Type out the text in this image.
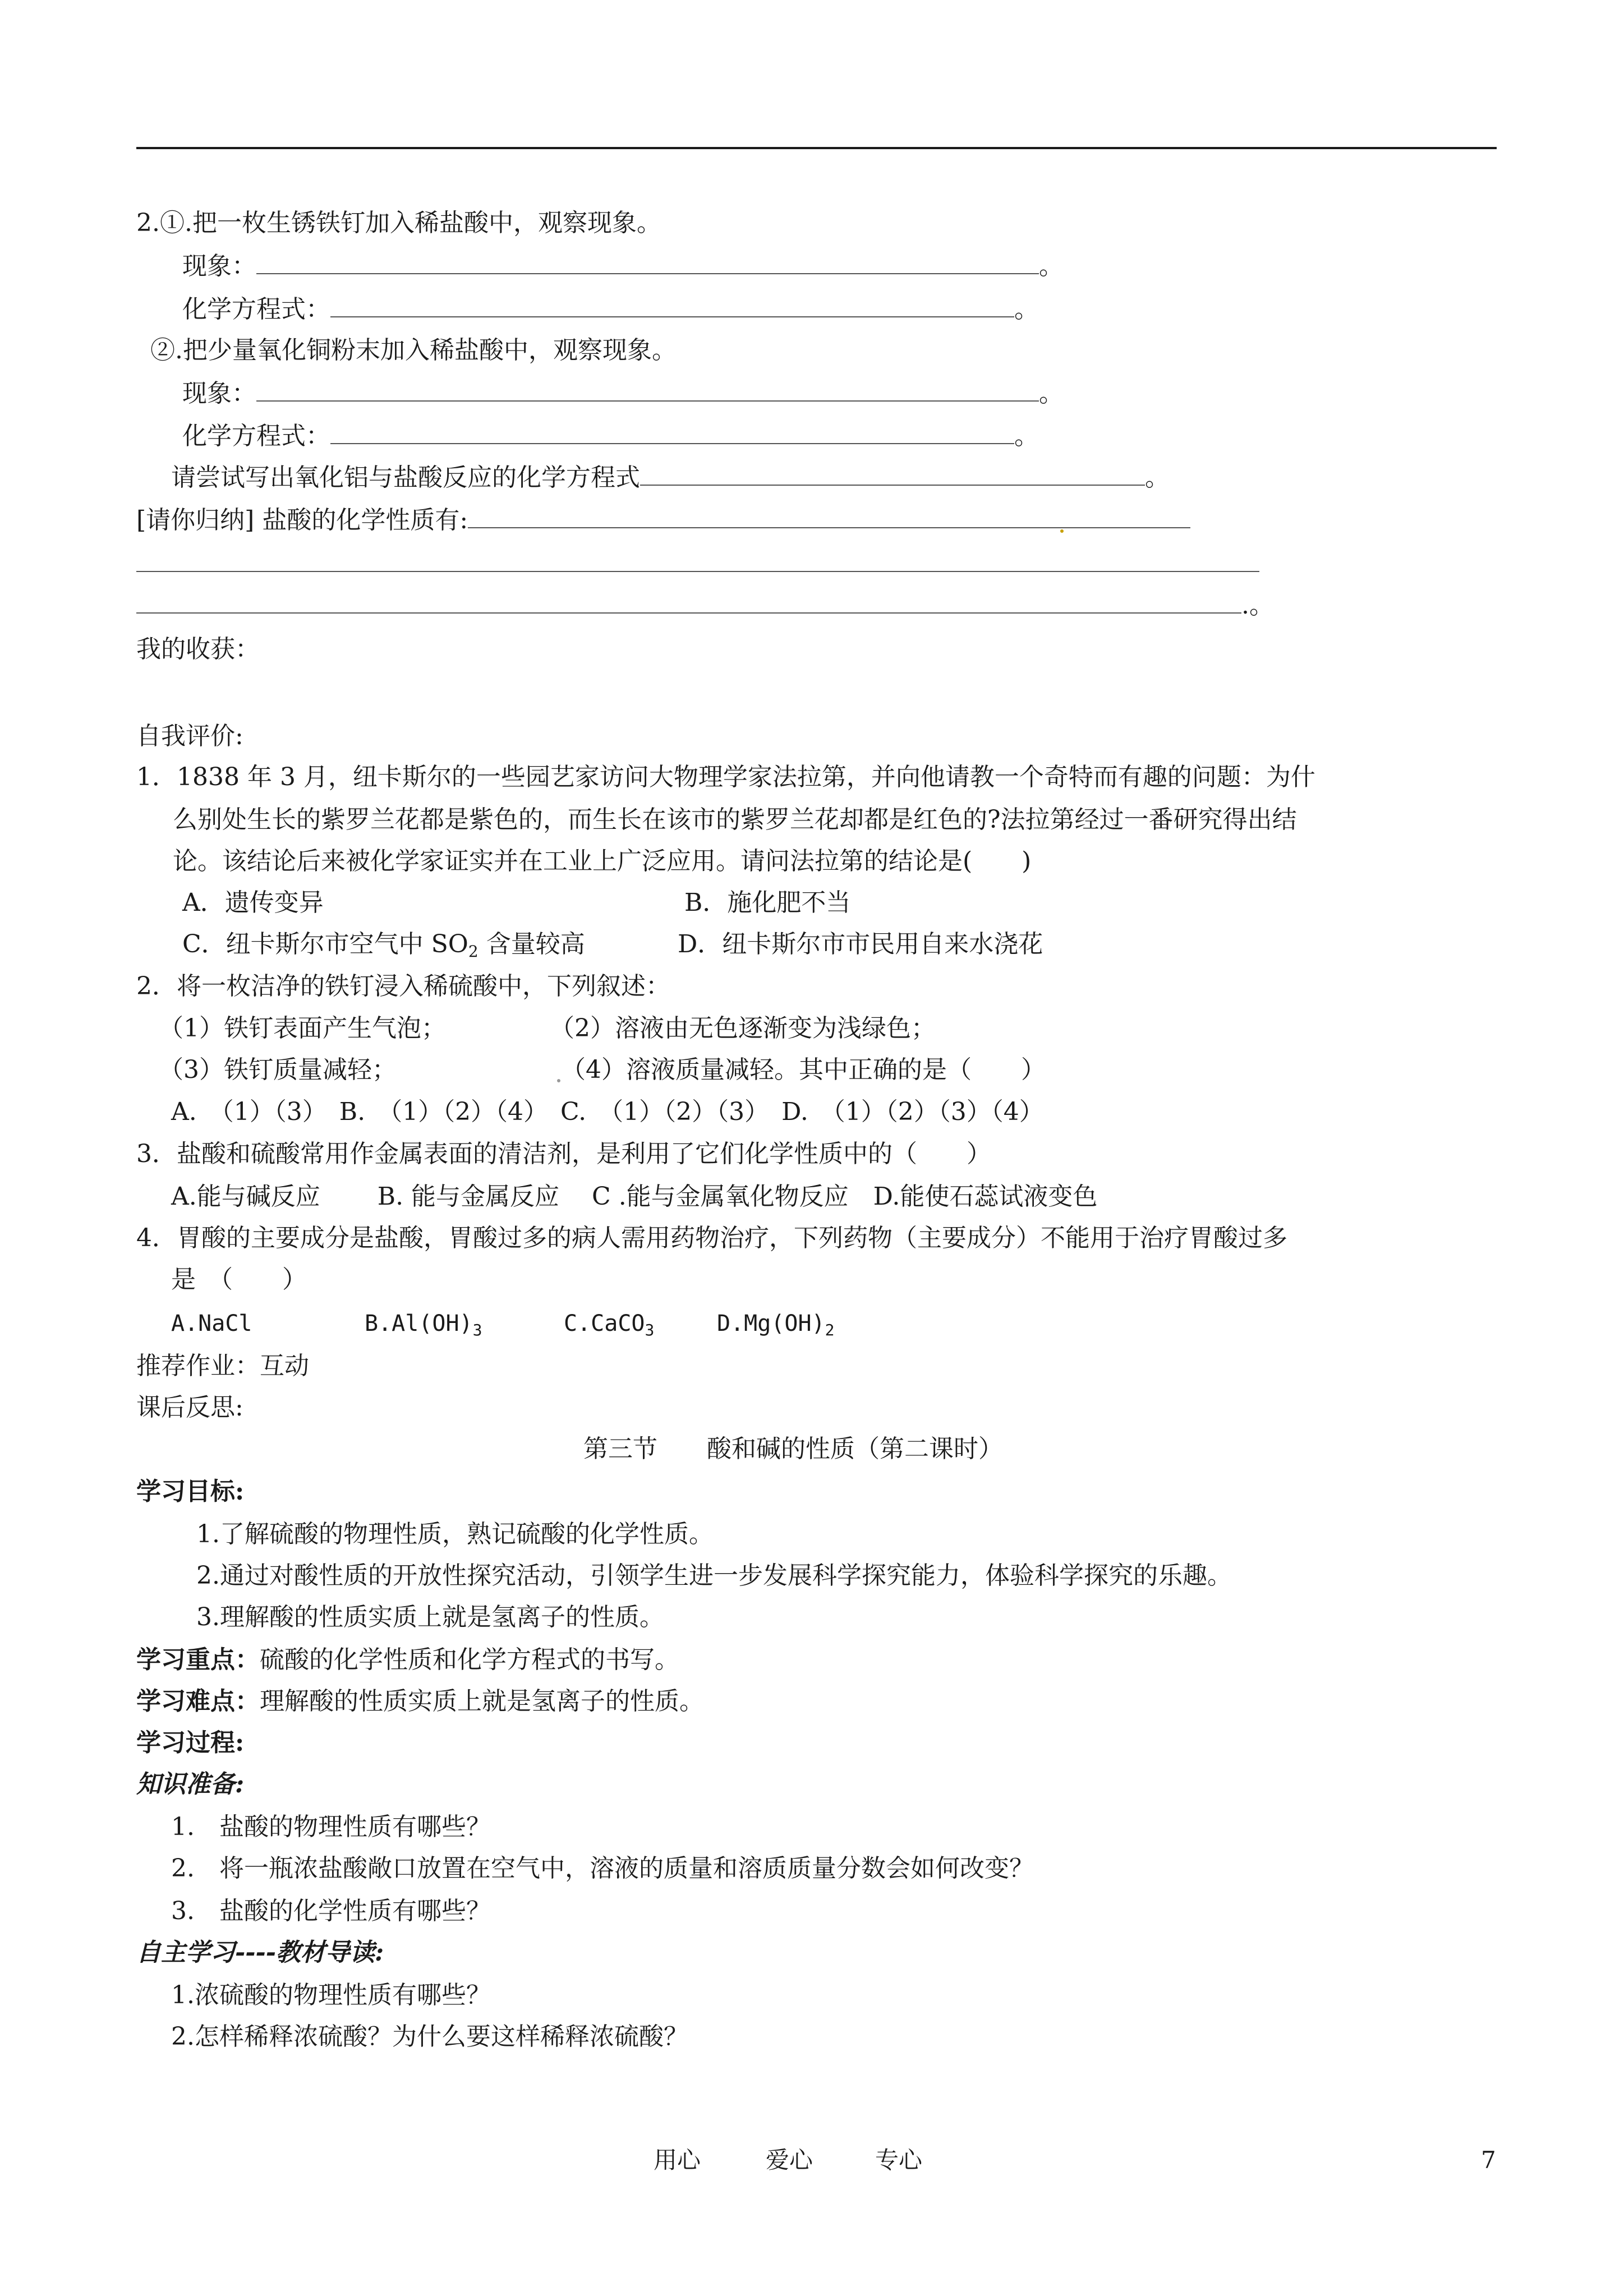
2.①.把一枚生锈铁钉加入稀盐酸中，观察现象。
现象：	。
化学方程式：	。
②.把少量氧化铜粉末加入稀盐酸中，观察现象。
现象：	。
化学方程式：	。
请尝试写出氧化铝与盐酸反应的化学方程式	。
[请你归纳] 盐酸的化学性质有:
.。
我的收获：
自我评价:
1．1838 年 3 月，纽卡斯尔的一些园艺家访问大物理学家法拉第，并向他请教一个奇特而有趣的问题：为什
么别处生长的紫罗兰花都是紫色的，而生长在该市的紫罗兰花却都是红色的?法拉第经过一番研究得出结
论。该结论后来被化学家证实并在工业上广泛应用。请问法拉第的结论是(　　)
A．遗传变异	B．施化肥不当
C．纽卡斯尔市空气中 $SO_2$ 含量较高	D．纽卡斯尔市市民用自来水浇花
2．将一枚洁净的铁钉浸入稀硫酸中，下列叙述：
（1）铁钉表面产生气泡；	（2）溶液由无色逐渐变为浅绿色；
（3）铁钉质量减轻；	（4）溶液质量减轻。其中正确的是（　　）
A.　（1）（3）　B.　（1）（2）（4）　C.　（1）（2）（3）　D.　（1）（2）（3）（4）
3．盐酸和硫酸常用作金属表面的清洁剂，是利用了它们化学性质中的（　　）
A.能与碱反应　　 B. 能与金属反应　 C .能与金属氧化物反应　D.能使石蕊试液变色
4．胃酸的主要成分是盐酸，胃酸过多的病人需用药物治疗，下列药物（主要成分）不能用于治疗胃酸过多
是　（　　）
A.NaCl	$B.Al(OH)_3$	C.CaCO$_3$	$D.Mg(OH)_2$
推荐作业：互动
课后反思:
第三节　　酸和碱的性质（第二课时）
学习目标:
1.了解硫酸的物理性质，熟记硫酸的化学性质。
2.通过对酸性质的开放性探究活动，引领学生进一步发展科学探究能力，体验科学探究的乐趣。
3.理解酸的性质实质上就是氢离子的性质。
学习重点：硫酸的化学性质和化学方程式的书写。
学习难点：理解酸的性质实质上就是氢离子的性质。
学习过程:
知识准备:
1.　盐酸的物理性质有哪些？
2.　将一瓶浓盐酸敞口放置在空气中，溶液的质量和溶质质量分数会如何改变？
3.　盐酸的化学性质有哪些？
自主学习----教材导读:
1.浓硫酸的物理性质有哪些？
2.怎样稀释浓硫酸？为什么要这样稀释浓硫酸？
用心	爱心	专心	7
